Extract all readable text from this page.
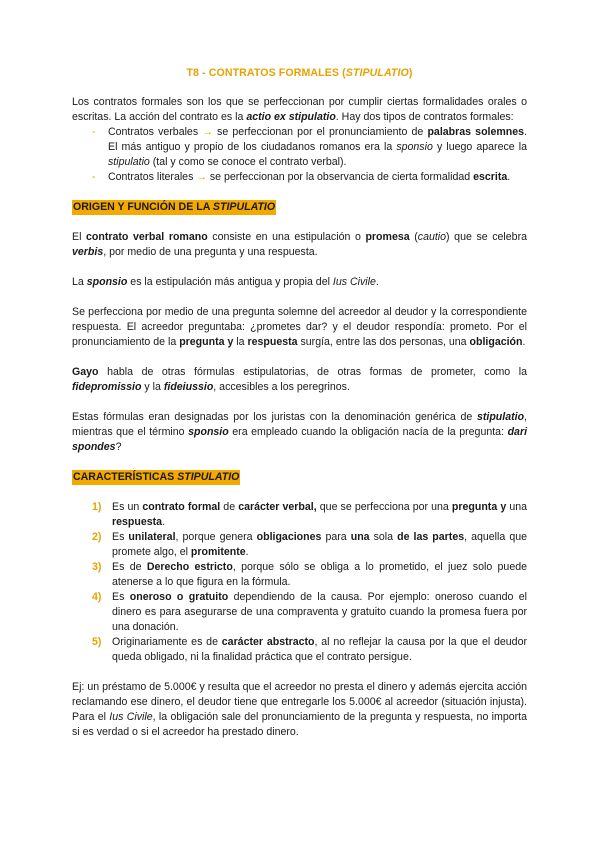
T8 - CONTRATOS FORMALES (STIPULATIO)

Los contratos formales son los que se perfeccionan por cumplir ciertas formalidades orales o escritas. La acción del contrato es la actio ex stipulatio. Hay dos tipos de contratos formales:

- Contratos verbales → se perfeccionan por el pronunciamiento de palabras solemnes. El más antiguo y propio de los ciudadanos romanos era la sponsio y luego aparece la stipulatio (tal y como se conoce el contrato verbal).
- Contratos literales → se perfeccionan por la observancia de cierta formalidad escrita.
ORIGEN Y FUNCIÓN DE LA STIPULATIO

El contrato verbal romano consiste en una estipulación o promesa (cautio) que se celebra verbis, por medio de una pregunta y una respuesta.

La sponsio es la estipulación más antigua y propia del Ius Civile.

Se perfecciona por medio de una pregunta solemne del acreedor al deudor y la correspondiente respuesta. El acreedor preguntaba: ¿prometes dar? y el deudor respondía: prometo. Por el pronunciamiento de la pregunta y la respuesta surgía, entre las dos personas, una obligación.

Gayo habla de otras fórmulas estipulatorias, de otras formas de prometer, como la fidepromissio y la fideiussio, accesibles a los peregrinos.

Estas fórmulas eran designadas por los juristas con la denominación genérica de stipulatio, mientras que el término sponsio era empleado cuando la obligación nacía de la pregunta: dari spondes?

CARACTERÍSTICAS STIPULATIO
1) Es un contrato formal de carácter verbal, que se perfecciona por una pregunta y una respuesta.
2) Es unilateral, porque genera obligaciones para una sola de las partes, aquella que promete algo, el promitente.
3) Es de Derecho estricto, porque sólo se obliga a lo prometido, el juez solo puede atenerse a lo que figura en la fórmula.
4) Es oneroso o gratuito dependiendo de la causa. Por ejemplo: oneroso cuando el dinero es para asegurarse de una compraventa y gratuito cuando la promesa fuera por una donación.
5) Originariamente es de carácter abstracto, al no reflejar la causa por la que el deudor queda obligado, ni la finalidad práctica que el contrato persigue.

Ej: un préstamo de 5.000€ y resulta que el acreedor no presta el dinero y además ejercita acción reclamando ese dinero, el deudor tiene que entregarle los 5.000€ al acreedor (situación injusta). Para el Ius Civile, la obligación sale del pronunciamiento de la pregunta y respuesta, no importa si es verdad o si el acreedor ha prestado dinero.
